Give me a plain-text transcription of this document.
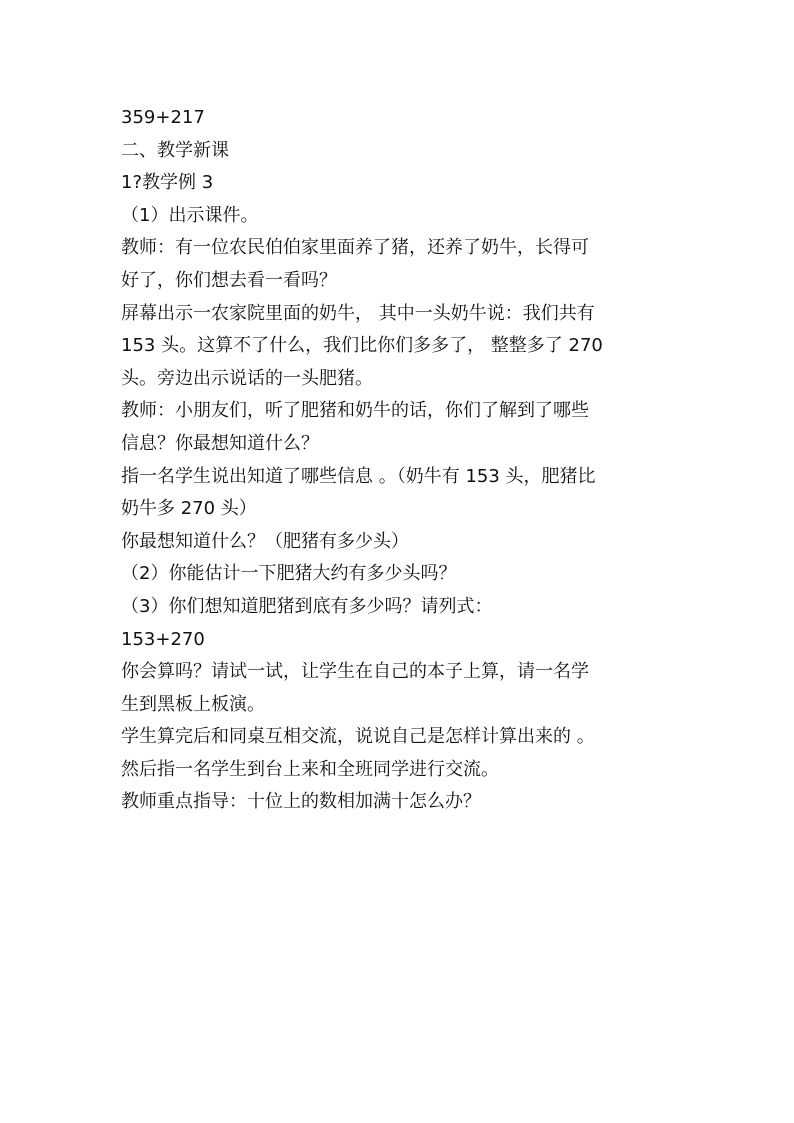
359+217
二、教学新课
1?教学例 3
（1）出示课件。
教师：有一位农民伯伯家里面养了猪，还养了奶牛，长得可
好了，你们想去看一看吗？
屏幕出示一农家院里面的奶牛， 其中一头奶牛说：我们共有
153 头。这算不了什么，我们比你们多多了， 整整多了 270
头。旁边出示说话的一头肥猪。
教师：小朋友们，听了肥猪和奶牛的话，你们了解到了哪些
信息？你最想知道什么？
指一名学生说出知道了哪些信息 。（奶牛有 153 头，肥猪比
奶牛多 270 头）
你最想知道什么？（肥猪有多少头）
（2）你能估计一下肥猪大约有多少头吗？
（3）你们想知道肥猪到底有多少吗？请列式：
153+270
你会算吗？请试一试，让学生在自己的本子上算，请一名学
生到黑板上板演。
学生算完后和同桌互相交流，说说自己是怎样计算出来的 。
然后指一名学生到台上来和全班同学进行交流。
教师重点指导：十位上的数相加满十怎么办？
